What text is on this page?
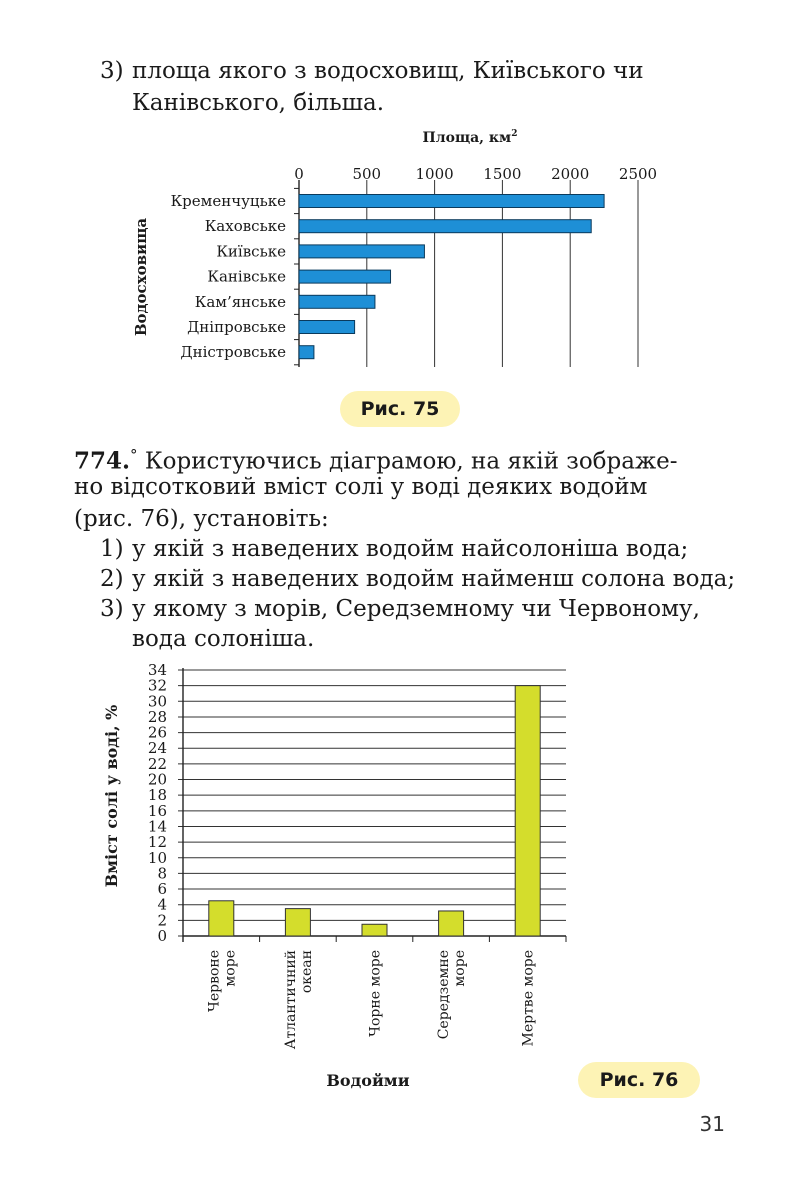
3) площа якого з водосховищ, Київського чи
Канівського, більша.
Площа, $км^2$
0	500 1000 1500 2000 2500
Кременчуцьке
Каховське
Київське
Канівське
Кам’янське
Дніпровське
Дністровське
Водосховища
Рис. 75
774.° Користуючись діаграмою, на якій зображе-
но відсотковий вміст солі у воді деяких водойм
(рис. 76), установіть:
1) у якій з наведених водойм найсолоніша вода;
2) у якій з наведених водойм найменш солона вода;
3) у якому з морів, Середземному чи Червоному,
вода солоніша.
0
2
4
6
8
10
12
14
16
18
20
22
24
26
28
30
32
34
Червонеморе	Атлантичнийокеан	Чорне море	Середземнеморе	Мертве море
Вміст солі у воді, %
Водойми	Рис. 76
31
